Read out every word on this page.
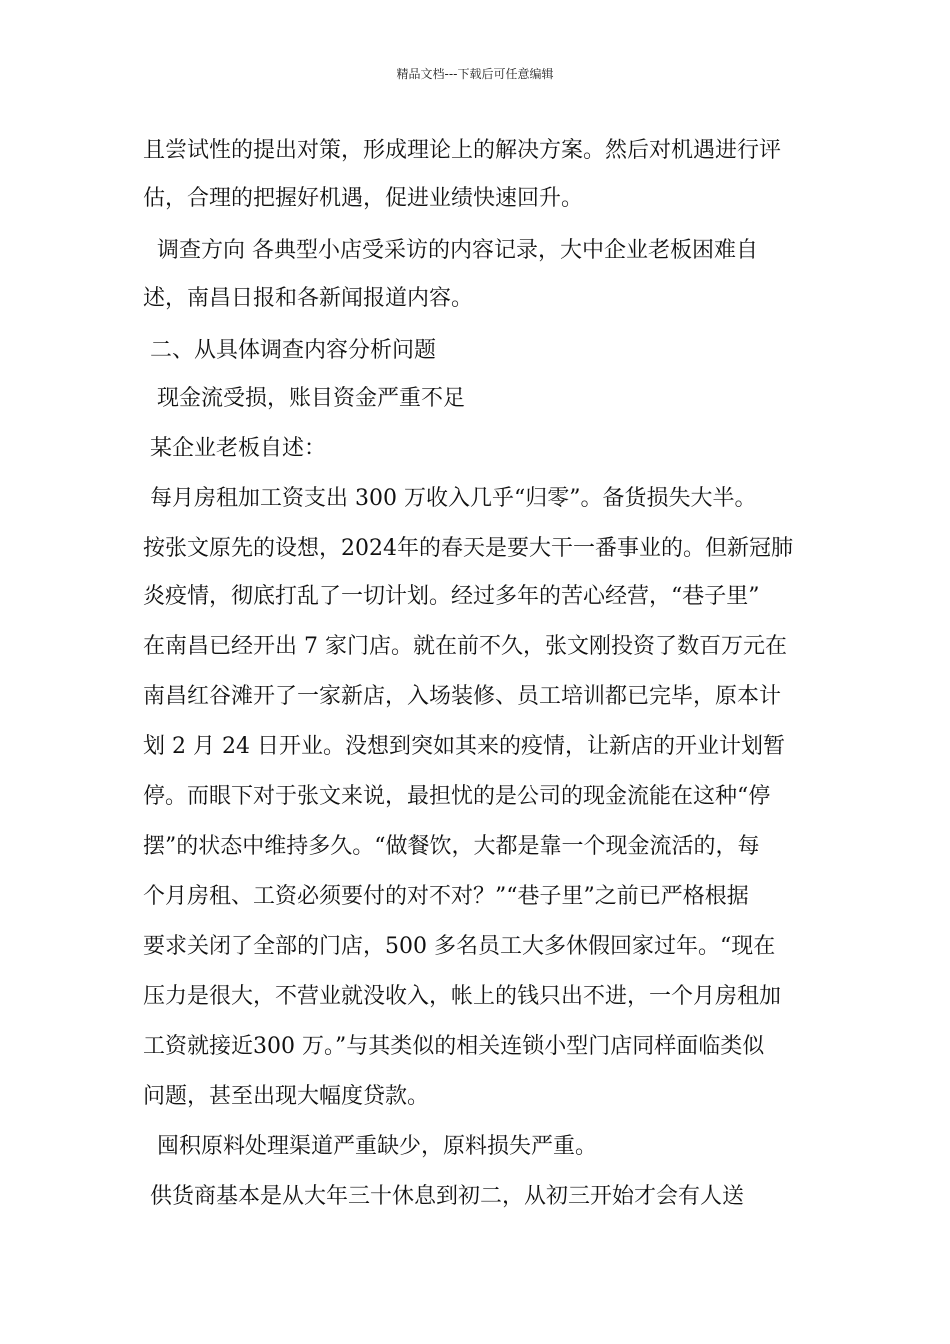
精品文档---下载后可任意编辑
且尝试性的提出对策，形成理论上的解决方案。然后对机遇进行评
估，合理的把握好机遇，促进业绩快速回升。
调查方向 各典型小店受采访的内容记录，大中企业老板困难自
述，南昌日报和各新闻报道内容。
二、从具体调查内容分析问题
现金流受损，账目资金严重不足
某企业老板自述：
每月房租加工资支出 300 万收入几乎“归零”。备货损失大半。
按张文原先的设想，2024年的春天是要大干一番事业的。但新冠肺
炎疫情，彻底打乱了一切计划。经过多年的苦心经营，“巷子里”
在南昌已经开出 7 家门店。就在前不久，张文刚投资了数百万元在
南昌红谷滩开了一家新店，入场装修、员工培训都已完毕，原本计
划 2 月 24 日开业。没想到突如其来的疫情，让新店的开业计划暂
停。而眼下对于张文来说，最担忧的是公司的现金流能在这种“停
摆”的状态中维持多久。“做餐饮，大都是靠一个现金流活的，每
个月房租、工资必须要付的对不对？”“巷子里”之前已严格根据
要求关闭了全部的门店，500 多名员工大多休假回家过年。“现在
压力是很大，不营业就没收入，帐上的钱只出不进，一个月房租加
工资就接近300 万。”与其类似的相关连锁小型门店同样面临类似
问题，甚至出现大幅度贷款。
囤积原料处理渠道严重缺少，原料损失严重。
供货商基本是从大年三十休息到初二，从初三开始才会有人送
